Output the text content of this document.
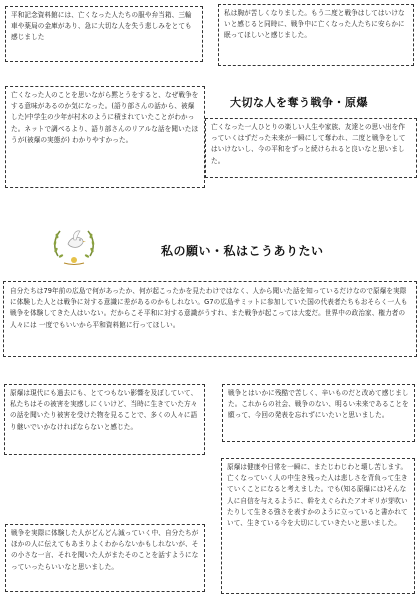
平和記念資料館には、亡くなった人たちの服や弁当箱、三輪車や薬局の金庫があり、急に大切な人を失う悲しみをとても感じました
私は胸が苦しくなりました。もう二度と戦争はしてはいけないと感じると同時に、戦争中に亡くなった人たちに安らかに眠ってほしいと感じました。
亡くなった人のことを思いながら黙とうをすると、なぜ戦争をする意味があるのか気になった。(語り部さんの話から、被爆した)中学生の少年が村木のように積まれていたことがわかった。ネットで調べるより、語り部さんのリアルな話を聞いたほうが(被爆の実態が) わかりやすかった。
大切な人を奪う戦争・原爆
亡くなった一人ひとりの楽しい人生や家族、友達との思い出を作っていくはずだった未来が一瞬にして奪われ、二度と戦争をしてはいけないし、今の平和をずっと続けられると良いなと思いました。
私の願い・私はこうありたい
自分たちは79年前の広島で何があったか、何が起こったかを見たわけではなく、人から聞いた話を知っているだけなので原爆を実際に体験した人とは戦争に対する意識に差があるのかもしれない。G7の広島サミットに参加していた国の代表者たちもおそらく一人も戦争を体験してきた人はいない。だからこそ平和に対する意識がうすれ、また戦争が起こっては大変だ。世界中の政治家、権力者の人々には 一度でもいいから平和資料館に行ってほしい。
原爆は現代にも過去にも、とてつもない影響を及ぼしていて、私たちはその被害を実感しにくいけど、当時に生きていた方々の話を聞いたり被害を受けた物を見ることで、多くの人々に語り継いでいかなければならないと感じた。
戦争とはいかに残酷で苦しく、辛いものだと改めて感じました。これからの社会、戦争のない、明るい未来であることを願って、今回の発表を忘れずにいたいと思いました。
原爆は健康や日常を一瞬に、またじわじわと壊し苦します。亡くなっていく人の中生き残った人は悲しさを背負って生きていくことになると考えました。でも(知る原爆には)そんな人に自信を与えるように、幹をえぐられたアオギリが芽吹いたりして生きる強さを表すかのように立っていると書かれていて、生きている今を大切にしていきたいと思いました。
戦争を実際に体験した人がどんどん減っていく中、自分たちがほかの人に伝えてもあまりよくわからないかもしれないが、その小さな一言、それを聞いた人がまたそのことを話すようになっていったらいいなと思いました。
